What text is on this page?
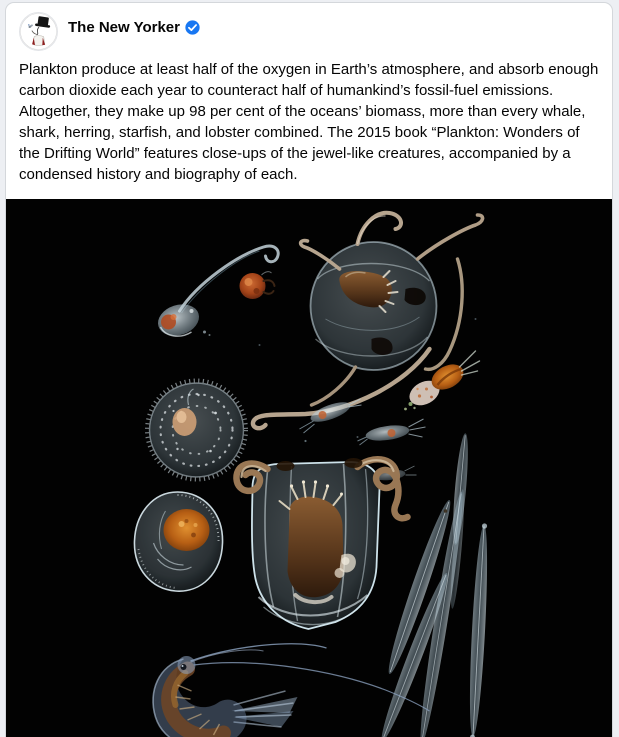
The New Yorker
Plankton produce at least half of the oxygen in Earth’s atmosphere, and absorb enough carbon dioxide each year to counteract half of humankind’s fossil-fuel emissions. Altogether, they make up 98 per cent of the oceans’ biomass, more than every whale, shark, herring, starfish, and lobster combined. The 2015 book “Plankton: Wonders of the Drifting World” features close-ups of the jewel-like creatures, accompanied by a condensed history and biography of each.
